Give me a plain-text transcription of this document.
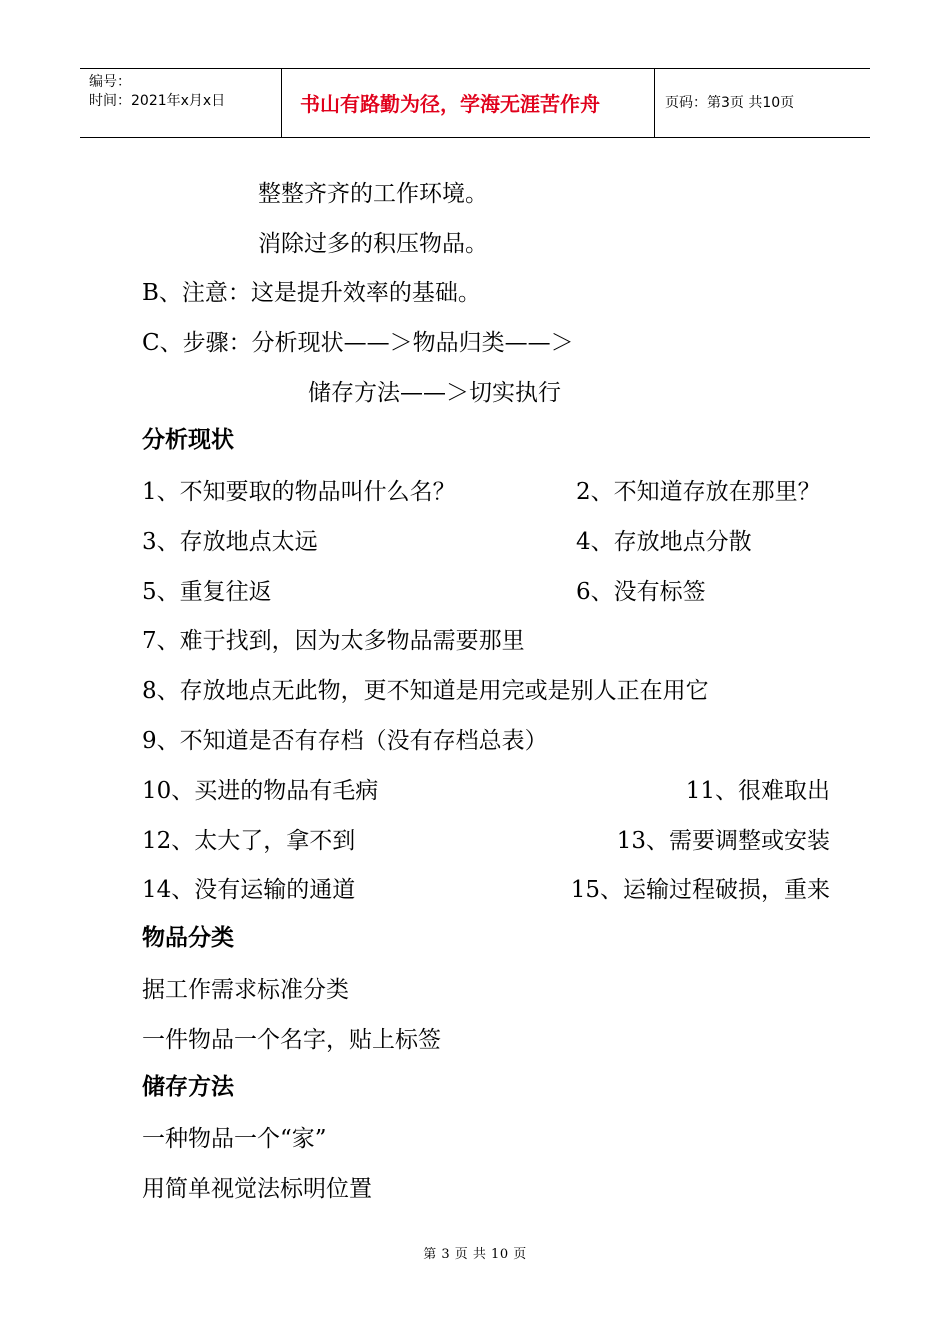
编号：
时间：2021年x月x日	书山有路勤为径，学海无涯苦作舟	页码：第3页 共10页
整整齐齐的工作环境。
消除过多的积压物品。
B、注意：这是提升效率的基础。
C、步骤：分析现状——＞物品归类——＞
储存方法——＞切实执行
分析现状
1、不知要取的物品叫什么名？	2、不知道存放在那里？
3、存放地点太远	4、存放地点分散
5、重复往返	6、没有标签
7、难于找到，因为太多物品需要那里
8、存放地点无此物，更不知道是用完或是别人正在用它
9、不知道是否有存档（没有存档总表）
10、买进的物品有毛病	11、很难取出
12、太大了，拿不到	13、需要调整或安装
14、没有运输的通道	15、运输过程破损，重来
物品分类
据工作需求标准分类
一件物品一个名字，贴上标签
储存方法
一种物品一个“家”
用简单视觉法标明位置
第 3 页 共 10 页
